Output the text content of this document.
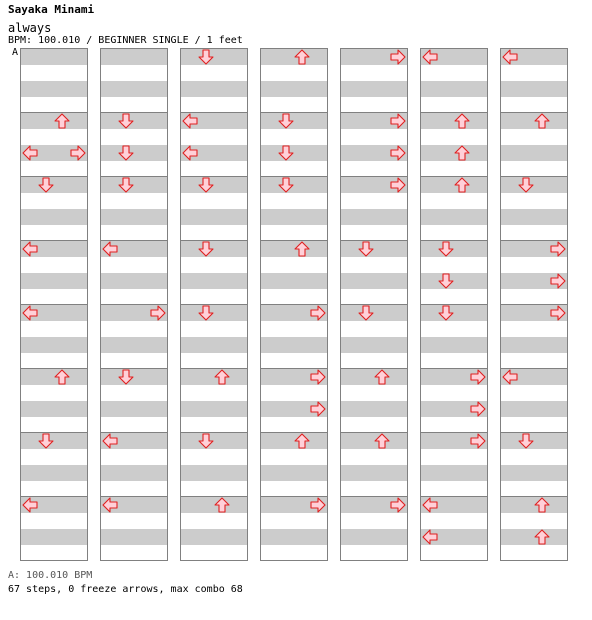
Sayaka Minami
always
BPM: 100.010 / BEGINNER SINGLE / 1 feet
A
A: 100.010 BPM
67 steps, 0 freeze arrows, max combo 68
